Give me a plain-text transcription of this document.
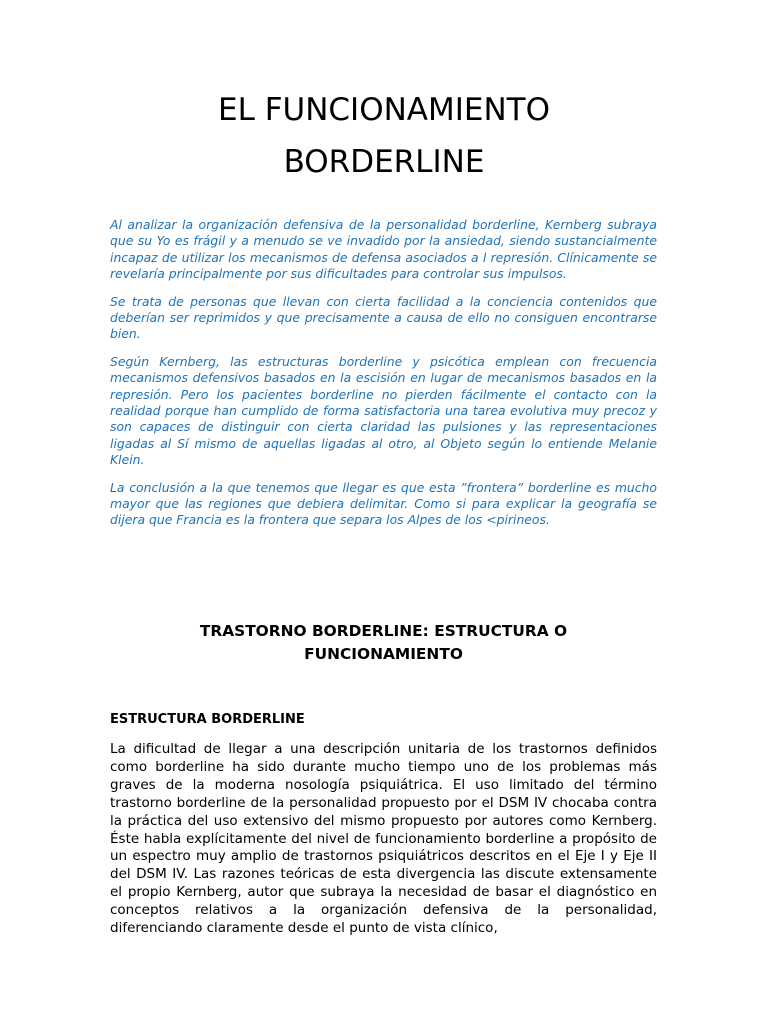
EL FUNCIONAMIENTO
BORDERLINE

Al analizar la organización defensiva de la personalidad borderline, Kernberg subraya que su Yo es frágil y a menudo se ve invadido por la ansiedad, siendo sustancialmente incapaz de utilizar los mecanismos de defensa asociados a l represión. Clínicamente se revelaría principalmente por sus dificultades para controlar sus impulsos.

Se trata de personas que llevan con cierta facilidad a la conciencia contenidos que deberían ser reprimidos y que precisamente a causa de ello no consiguen encontrarse bien.

Según Kernberg, las estructuras borderline y psicótica emplean con frecuencia mecanismos defensivos basados en la escisión en lugar de mecanismos basados en la represión. Pero los pacientes borderline no pierden fácilmente el contacto con la realidad porque han cumplido de forma satisfactoria una tarea evolutiva muy precoz y son capaces de distinguir con cierta claridad las pulsiones y las representaciones ligadas al Sí mismo de aquellas ligadas al otro, al Objeto según lo entiende Melanie Klein.

La conclusión a la que tenemos que llegar es que esta ”frontera” borderline es mucho mayor que las regiones que debiera delimitar. Como si para explicar la geografía se dijera que Francia es la frontera que separa los Alpes de los <pirineos.

TRASTORNO BORDERLINE: ESTRUCTURA O
FUNCIONAMIENTO
ESTRUCTURA BORDERLINE

La dificultad de llegar a una descripción unitaria de los trastornos definidos como borderline ha sido durante mucho tiempo uno de los problemas más graves de la moderna nosología psiquiátrica. El uso limitado del término trastorno borderline de la personalidad propuesto por el DSM IV chocaba contra la práctica del uso extensivo del mismo propuesto por autores como Kernberg. Éste habla explícitamente del nivel de funcionamiento borderline a propósito de un espectro muy amplio de trastornos psiquiátricos descritos en el Eje I y Eje II del DSM IV. Las razones teóricas de esta divergencia las discute extensamente el propio Kernberg, autor que subraya la necesidad de basar el diagnóstico en conceptos relativos a la organización defensiva de la personalidad, diferenciando claramente desde el punto de vista clínico,
